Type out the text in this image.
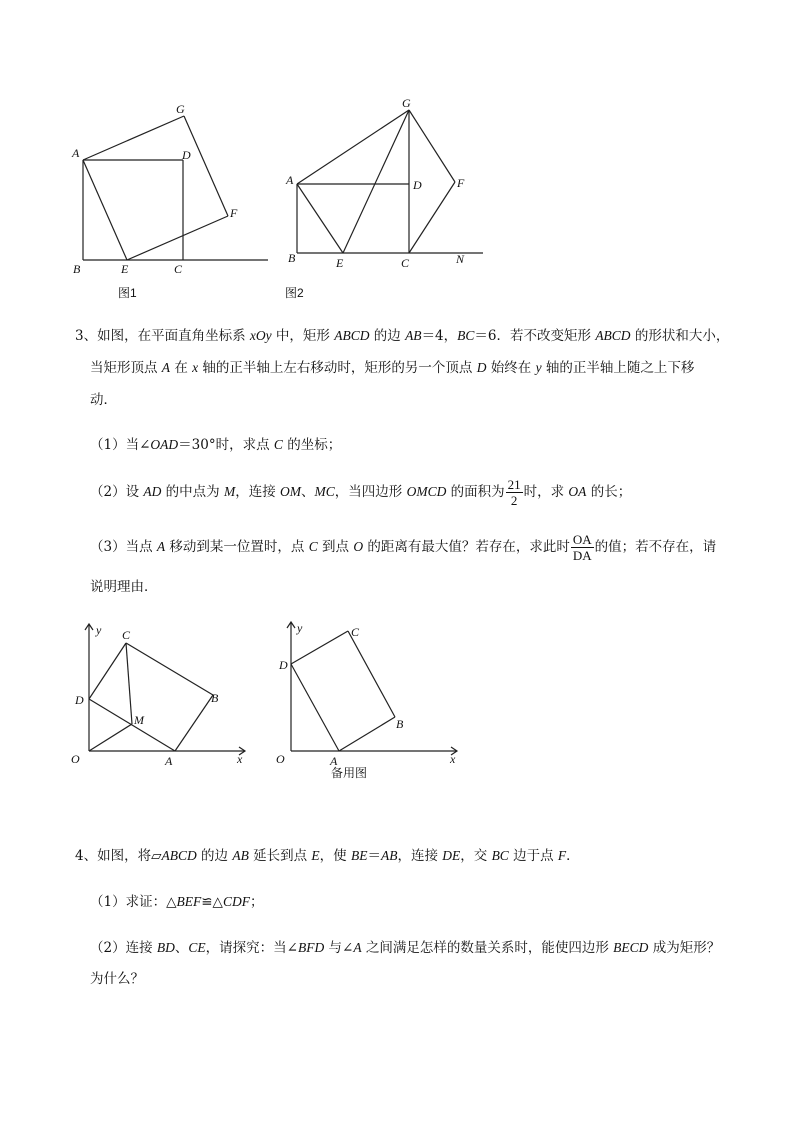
G
A	D
F
B	E	C
图1
G
A	D	F
B	E	C	N
图2
3、如图，在平面直角坐标系 xOy 中，矩形 ABCD 的边 AB＝4，BC＝6．若不改变矩形 ABCD 的形状和大小，
当矩形顶点 A 在 x 轴的正半轴上左右移动时，矩形的另一个顶点 D 始终在 y 轴的正半轴上随之上下移
动．
（1）当∠OAD＝30°时，求点 C 的坐标；
（2）设 AD 的中点为 M，连接 OM、MC，当四边形 OMCD 的面积为 $\frac{21}{2}$ 时，求 OA 的长；
（3）当点 A 移动到某一位置时，点 C 到点 O 的距离有最大值？若存在，求此时 $\frac{OA}{DA}$ 的值；若不存在，请
说明理由．
y C
D	B
M
O	A	x
y	C
D
B
O	A	x
备用图
4、如图，将▱ABCD 的边 AB 延长到点 E，使 BE＝AB，连接 DE，交 BC 边于点 F．
（1）求证：△BEF≌△CDF；
（2）连接 BD、CE，请探究：当∠BFD 与∠A 之间满足怎样的数量关系时，能使四边形 BECD 成为矩形？
为什么？
